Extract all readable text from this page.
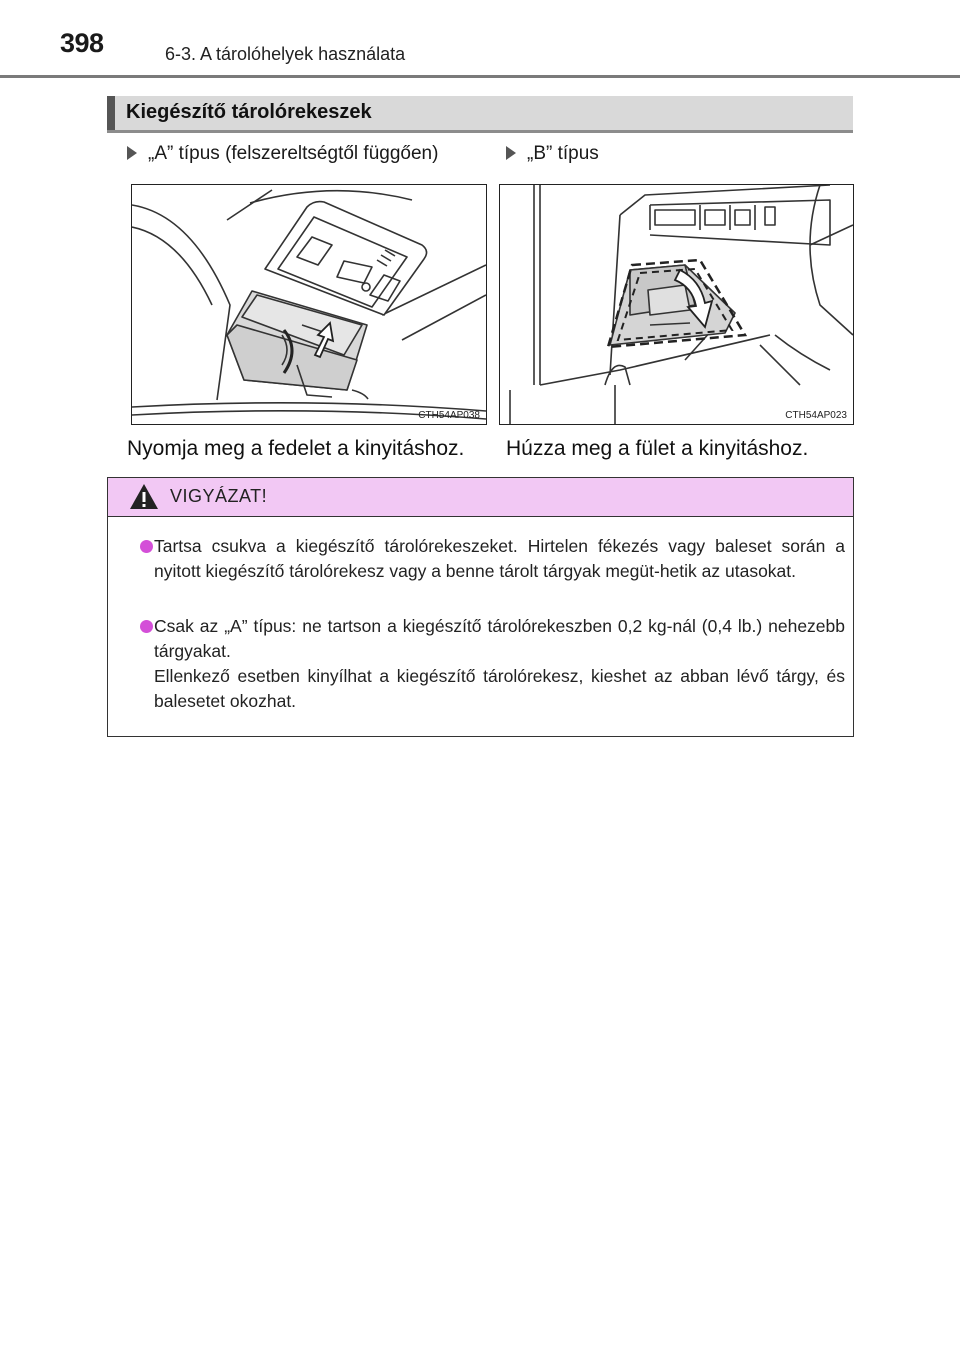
398	6-3. A tárolóhelyek használata
Kiegészítő tárolórekeszek
„A” típus (felszereltségtől függően)
CTH54AP038
Nyomja meg a fedelet a kinyitáshoz.
„B” típus
CTH54AP023
Húzza meg a fület a kinyitáshoz.
VIGYÁZAT!
Tartsa csukva a kiegészítő tárolórekeszeket. Hirtelen fékezés vagy baleset során a nyitott kiegészítő tárolórekesz vagy a benne tárolt tárgyak megüt-hetik az utasokat.
Csak az „A” típus: ne tartson a kiegészítő tárolórekeszben 0,2 kg-nál (0,4 lb.) nehezebb tárgyakat.
Ellenkező esetben kinyílhat a kiegészítő tárolórekesz, kieshet az abban lévő tárgy, és balesetet okozhat.
